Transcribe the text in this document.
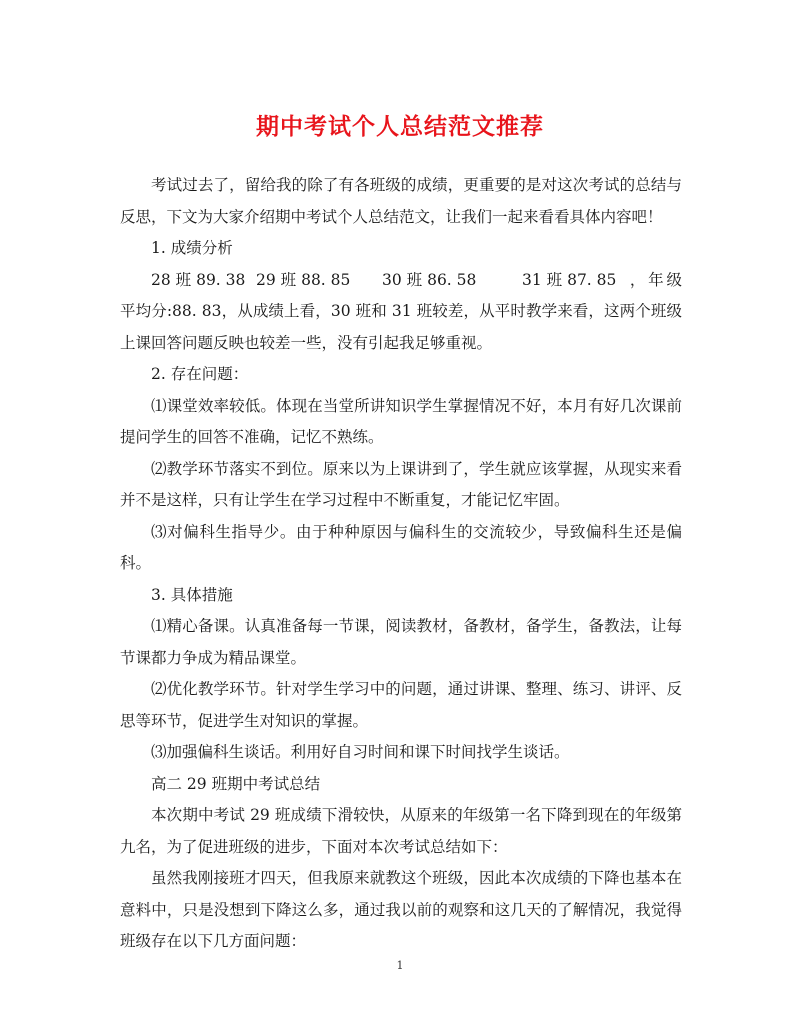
期中考试个人总结范文推荐

考试过去了，留给我的除了有各班级的成绩，更重要的是对这次考试的总结与反思，下文为大家介绍期中考试个人总结范文，让我们一起来看看具体内容吧！

1. 成绩分析

28 班 89. 38 29 班 88. 85 30 班 86. 58	31 班 87. 85 ，年级平均分:88. 83，从成绩上看，30 班和 31 班较差，从平时教学来看，这两个班级上课回答问题反映也较差一些，没有引起我足够重视。

2. 存在问题：

⑴课堂效率较低。体现在当堂所讲知识学生掌握情况不好，本月有好几次课前提问学生的回答不准确，记忆不熟练。

⑵教学环节落实不到位。原来以为上课讲到了，学生就应该掌握，从现实来看并不是这样，只有让学生在学习过程中不断重复，才能记忆牢固。

⑶对偏科生指导少。由于种种原因与偏科生的交流较少，导致偏科生还是偏科。

3. 具体措施

⑴精心备课。认真准备每一节课，阅读教材，备教材，备学生，备教法，让每节课都力争成为精品课堂。

⑵优化教学环节。针对学生学习中的问题，通过讲课、整理、练习、讲评、反思等环节，促进学生对知识的掌握。

⑶加强偏科生谈话。利用好自习时间和课下时间找学生谈话。

高二 29 班期中考试总结

本次期中考试 29 班成绩下滑较快，从原来的年级第一名下降到现在的年级第九名，为了促进班级的进步，下面对本次考试总结如下：

虽然我刚接班才四天，但我原来就教这个班级，因此本次成绩的下降也基本在意料中，只是没想到下降这么多，通过我以前的观察和这几天的了解情况，我觉得班级存在以下几方面问题：

1
